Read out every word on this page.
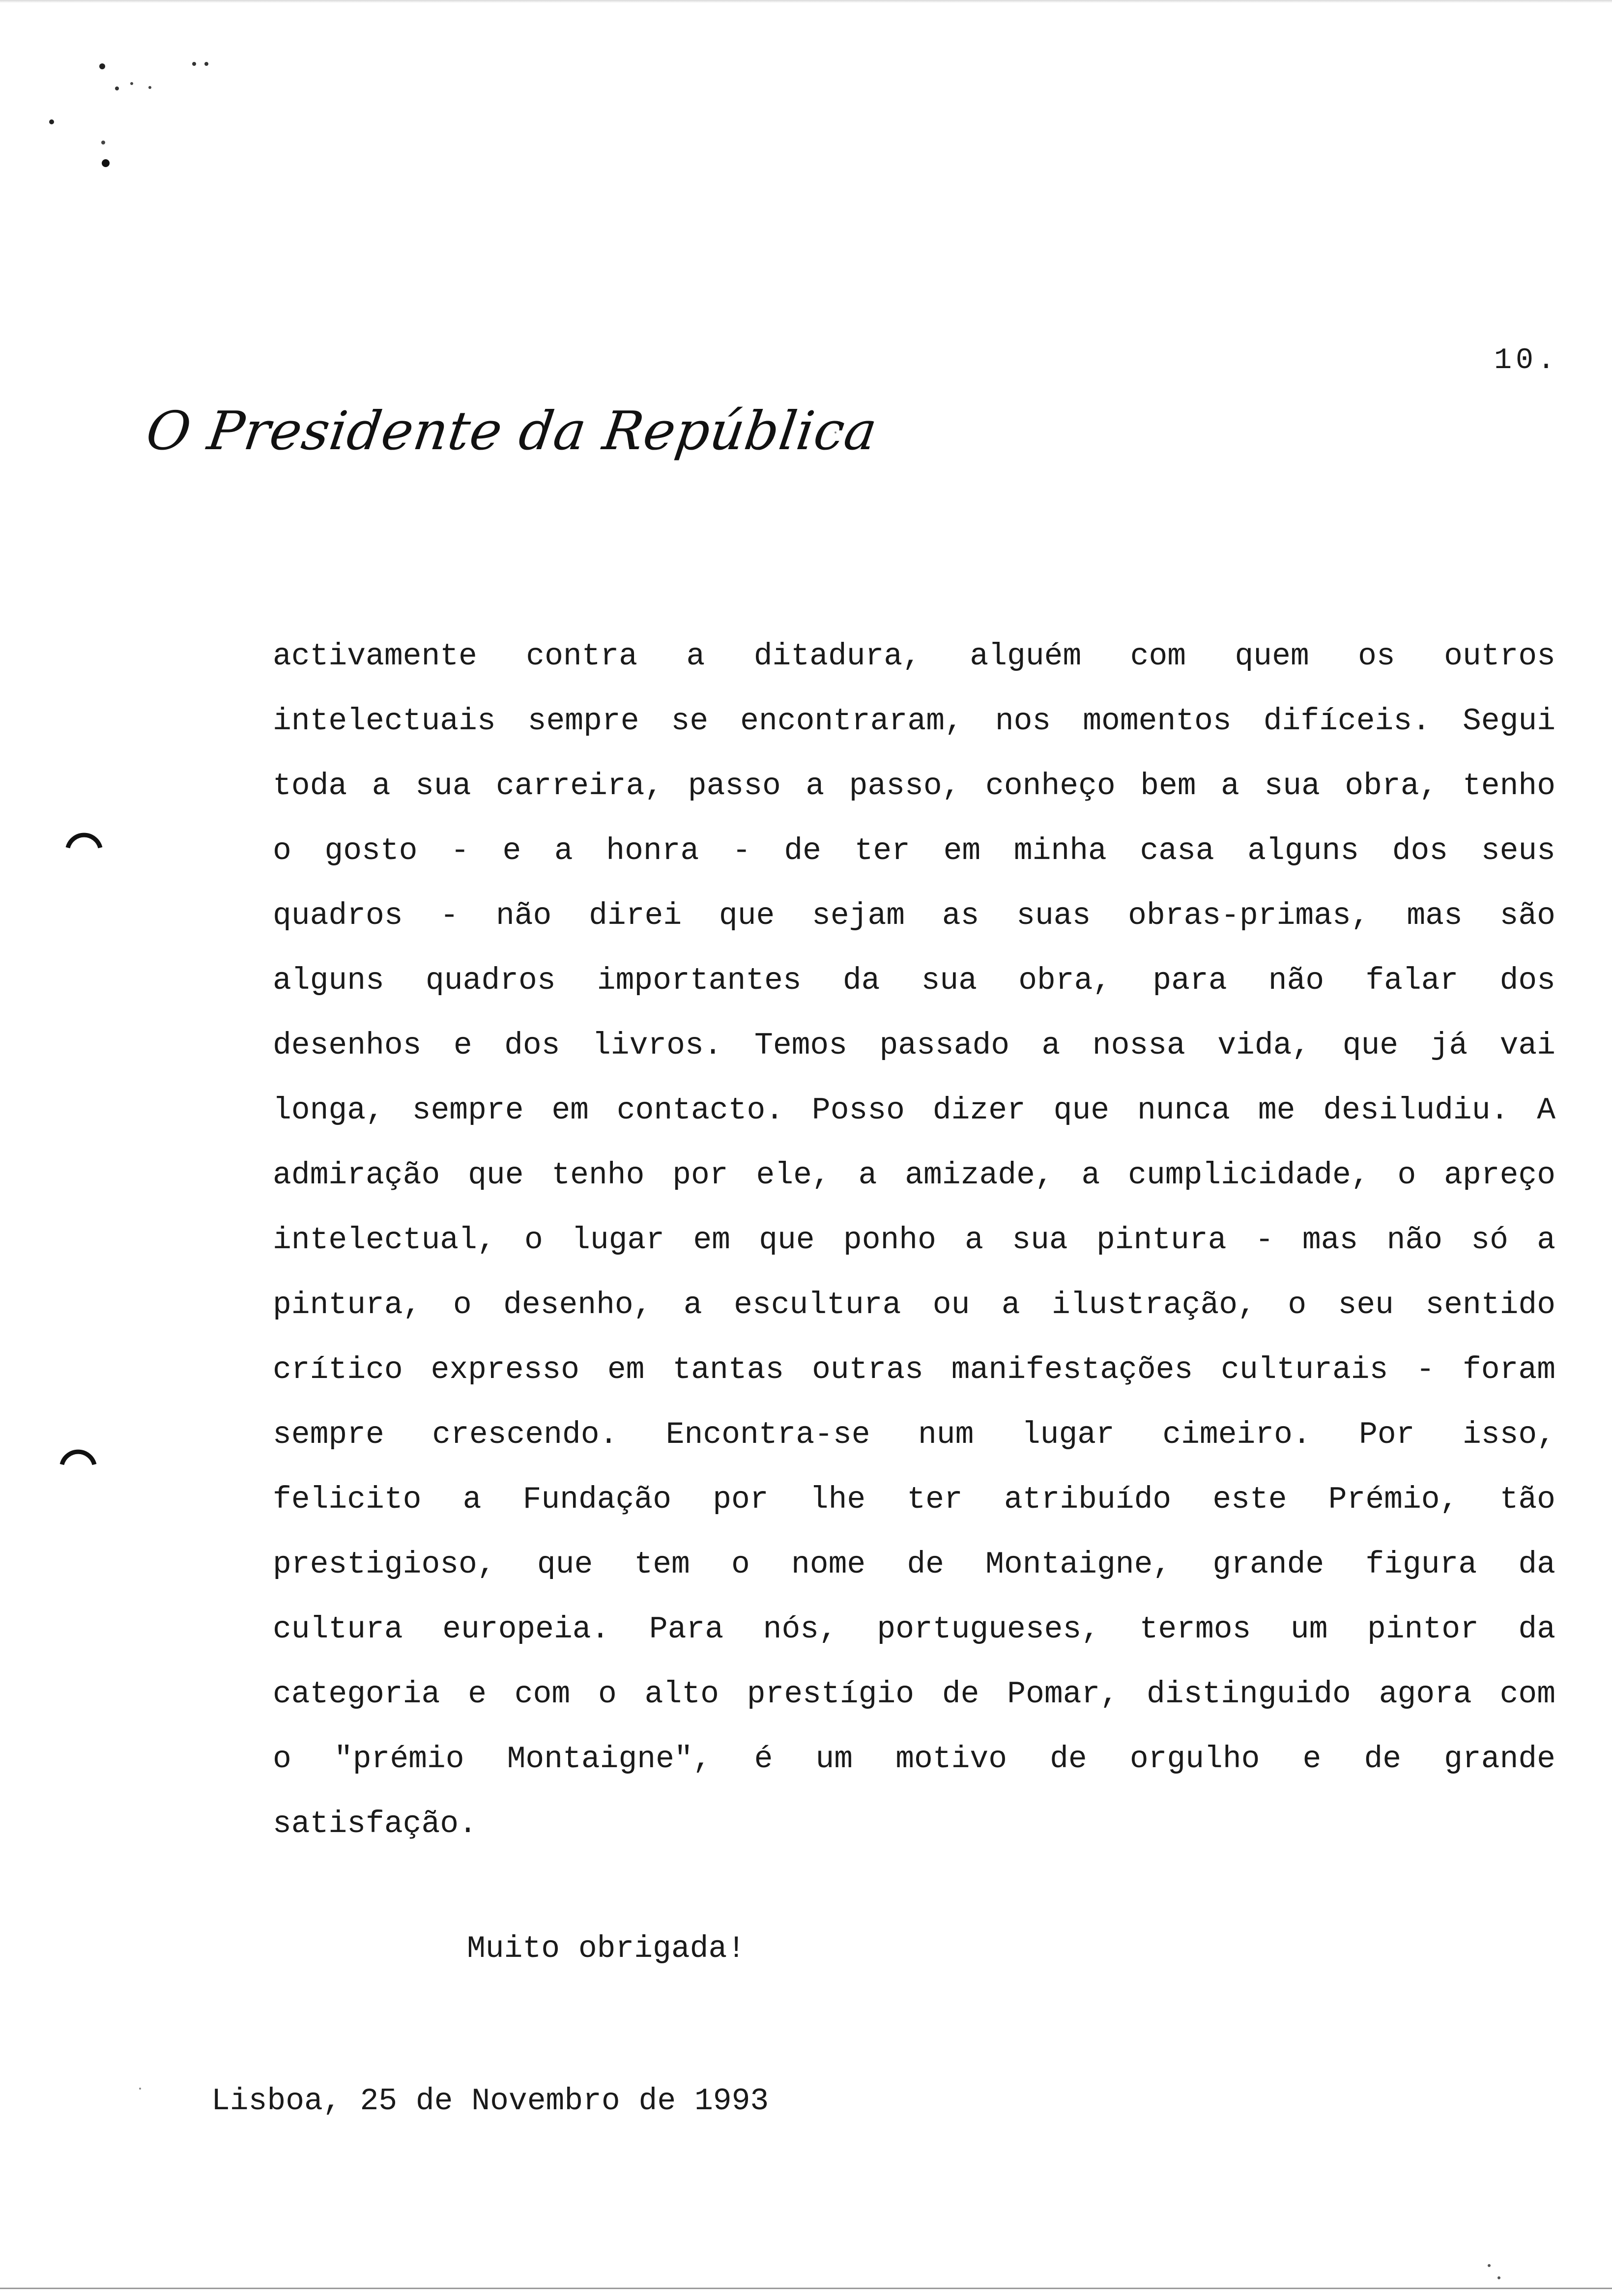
10.
O Presidente da República
activamente contra a ditadura, alguém com quem os outros
intelectuais sempre se encontraram, nos momentos difíceis. Segui
toda a sua carreira, passo a passo, conheço bem a sua obra, tenho
o gosto - e a honra - de ter em minha casa alguns dos seus
quadros - não direi que sejam as suas obras-primas, mas são
alguns quadros importantes da sua obra, para não falar dos
desenhos e dos livros. Temos passado a nossa vida, que já vai
longa, sempre em contacto. Posso dizer que nunca me desiludiu. A
admiração que tenho por ele, a amizade, a cumplicidade, o apreço
intelectual, o lugar em que ponho a sua pintura - mas não só a
pintura, o desenho, a escultura ou a ilustração, o seu sentido
crítico expresso em tantas outras manifestações culturais - foram
sempre crescendo. Encontra-se num lugar cimeiro. Por isso,
felicito a Fundação por lhe ter atribuído este Prémio, tão
prestigioso, que tem o nome de Montaigne, grande figura da
cultura europeia. Para nós, portugueses, termos um pintor da
categoria e com o alto prestígio de Pomar, distinguido agora com
o "prémio Montaigne", é um motivo de orgulho e de grande
satisfação.
Muito obrigada!
Lisboa, 25 de Novembro de 1993
